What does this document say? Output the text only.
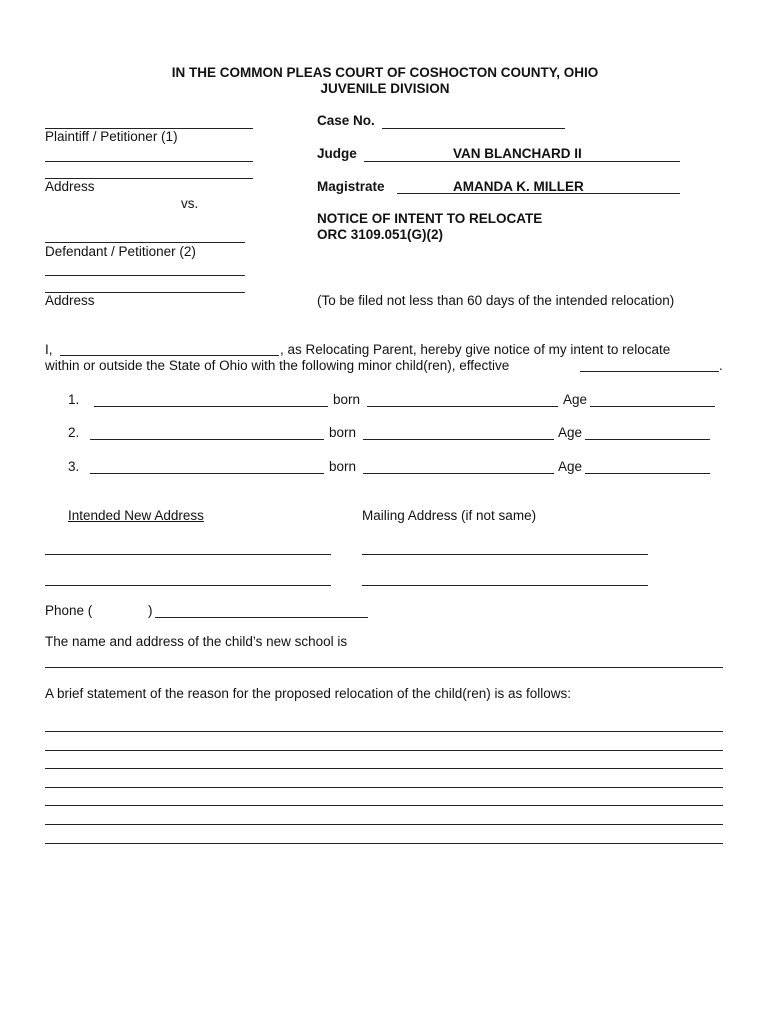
IN THE COMMON PLEAS COURT OF COSHOCTON COUNTY, OHIO
JUVENILE DIVISION
Plaintiff / Petitioner (1)
Address
vs.
Defendant / Petitioner (2)
Address
Case No.
Judge	VAN BLANCHARD II
Magistrate	AMANDA K. MILLER
NOTICE OF INTENT TO RELOCATE
ORC 3109.051(G)(2)
(To be filed not less than 60 days of the intended relocation)
I,	, as Relocating Parent, hereby give notice of my intent to relocate
within or outside the State of Ohio with the following minor child(ren), effective	.
1.	born	Age
2.	born	Age
3.	born	Age
Intended New Address	Mailing Address (if not same)
Phone (	)
The name and address of the child’s new school is
A brief statement of the reason for the proposed relocation of the child(ren) is as follows:
